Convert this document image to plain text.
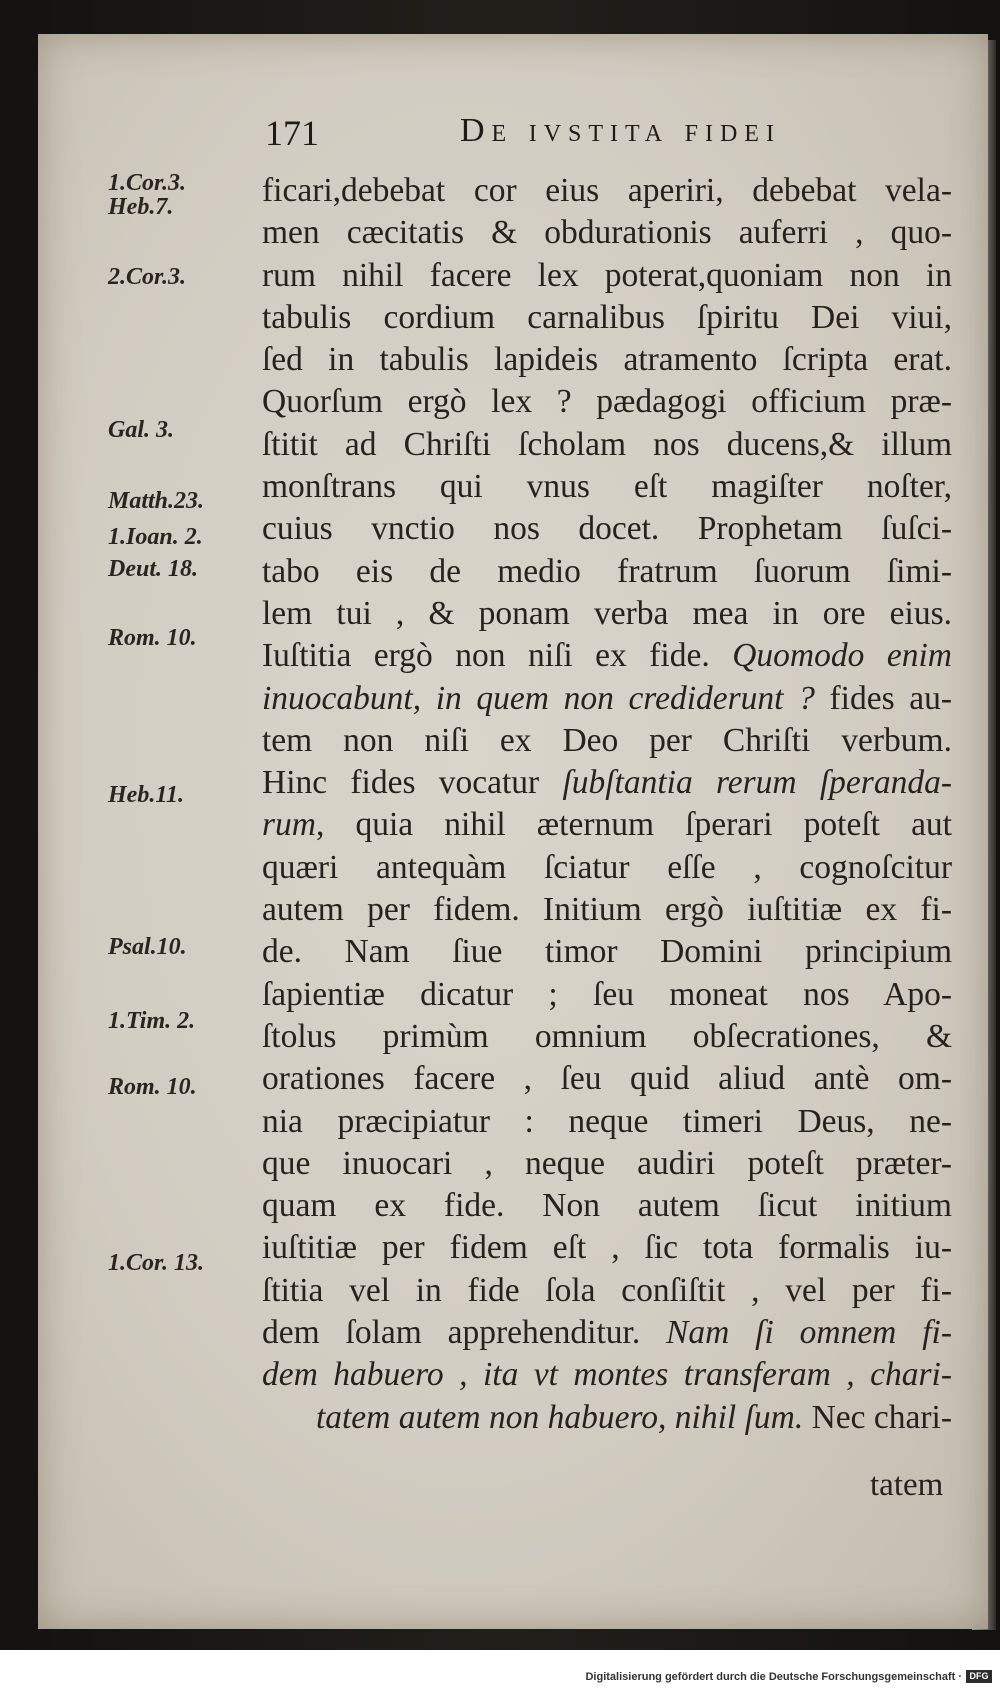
171	De ivstita fidei
1.Cor.3.
Heb.7.
2.Cor.3.
Gal. 3.
Matth.23.
1.Ioan. 2.
Deut. 18.
Rom. 10.
Heb.11.
Psal.10.
1.Tim. 2.
Rom. 10.
1.Cor. 13.
ficari,debebat cor eius aperiri, debebat vela-
men cæcitatis & obdurationis auferri , quo-
rum nihil facere lex poterat,quoniam non in
tabulis cordium carnalibus ſpiritu Dei viui,
ſed in tabulis lapideis atramento ſcripta erat.
Quorſum ergò lex ? pædagogi officium præ-
ſtitit ad Chriſti ſcholam nos ducens,& illum
monſtrans qui vnus eſt magiſter noſter,
cuius vnctio nos docet. Prophetam ſuſci-
tabo eis de medio fratrum ſuorum ſimi-
lem tui , & ponam verba mea in ore eius.
Iuſtitia ergò non niſi ex fide. Quomodo enim
inuocabunt, in quem non crediderunt ? fides au-
tem non niſi ex Deo per Chriſti verbum.
Hinc fides vocatur ſubſtantia rerum ſperanda-
rum, quia nihil æternum ſperari poteſt aut
quæri antequàm ſciatur eſſe , cognoſcitur
autem per fidem. Initium ergò iuſtitiæ ex fi-
de. Nam ſiue timor Domini principium
ſapientiæ dicatur ; ſeu moneat nos Apo-
ſtolus primùm omnium obſecrationes, &
orationes facere , ſeu quid aliud antè om-
nia præcipiatur : neque timeri Deus, ne-
que inuocari , neque audiri poteſt præter-
quam ex fide. Non autem ſicut initium
iuſtitiæ per fidem eſt , ſic tota formalis iu-
ſtitia vel in fide ſola conſiſtit , vel per fi-
dem ſolam apprehenditur. Nam ſi omnem fi-
dem habuero , ita vt montes transferam , chari-
tatem autem non habuero, nihil ſum. Nec chari-
tatem
Digitalisierung gefördert durch die Deutsche Forschungsgemeinschaft · DFG
